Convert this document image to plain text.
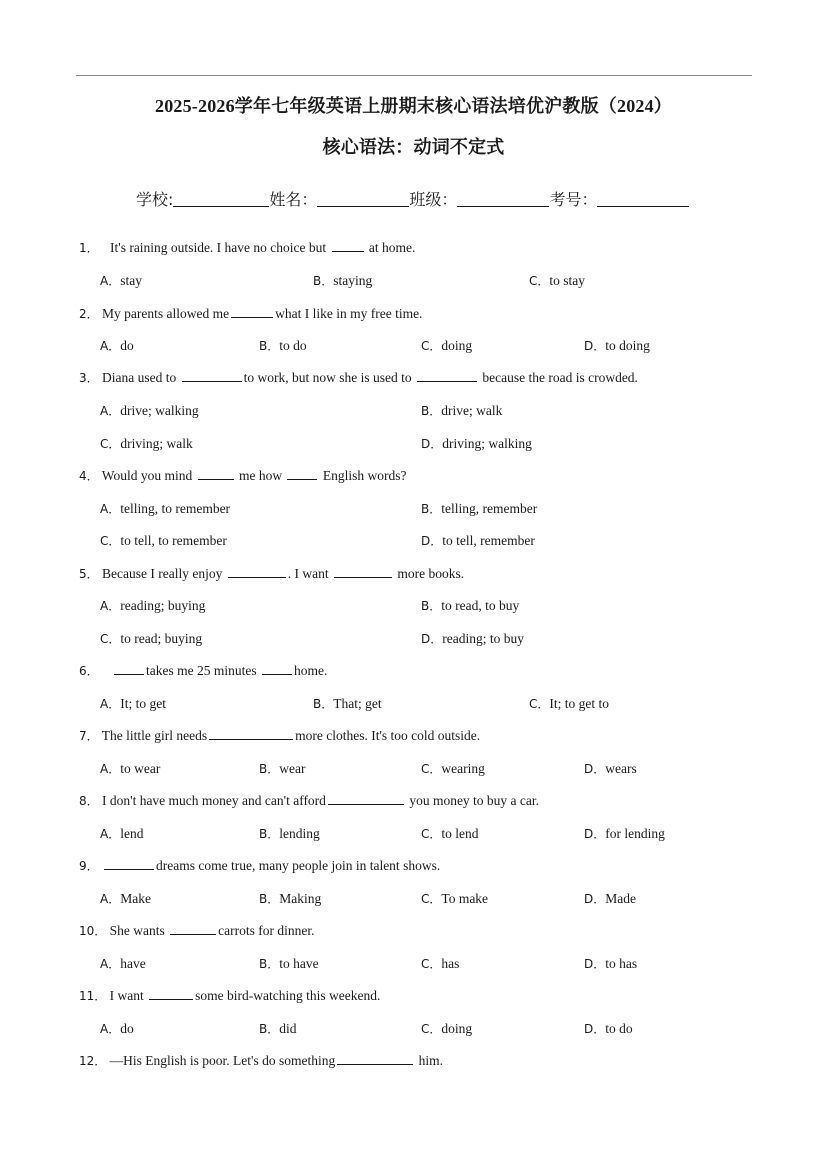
2025-2026学年七年级英语上册期末核心语法培优沪教版（2024）
核心语法：动词不定式
学校:	姓名：	班级：	考号：
1． It's raining outside. I have no choice but	at home.
A．stay	B．staying	C．to stay
2． My parents allowed me	what I like in my free time.
A．do	B．to do	C．doing	D．to doing
3． Diana used to	to work, but now she is used to	because the road is crowded.
A．drive; walking	B．drive; walk
C．driving; walk	D．driving; walking
4． Would you mind	me how	English words?
A．telling, to remember	B．telling, remember
C．to tell, to remember	D．to tell, remember
5． Because I really enjoy	. I want	more books.
A．reading; buying	B．to read, to buy
C．to read; buying	D．reading; to buy
6．	takes me 25 minutes	home.
A．It; to get	B．That; get	C．It; to get to
7． The little girl needs	more clothes. It's too cold outside.
A．to wear	B．wear	C．wearing	D．wears
8． I don't have much money and can't afford	you money to buy a car.
A．lend	B．lending	C．to lend	D．for lending
9．	dreams come true, many people join in talent shows.
A．Make	B．Making	C．To make	D．Made
10． She wants	carrots for dinner.
A．have	B．to have	C．has	D．to has
11． I want	some bird-watching this weekend.
A．do	B．did	C．doing	D．to do
12． —His English is poor. Let's do something	him.
